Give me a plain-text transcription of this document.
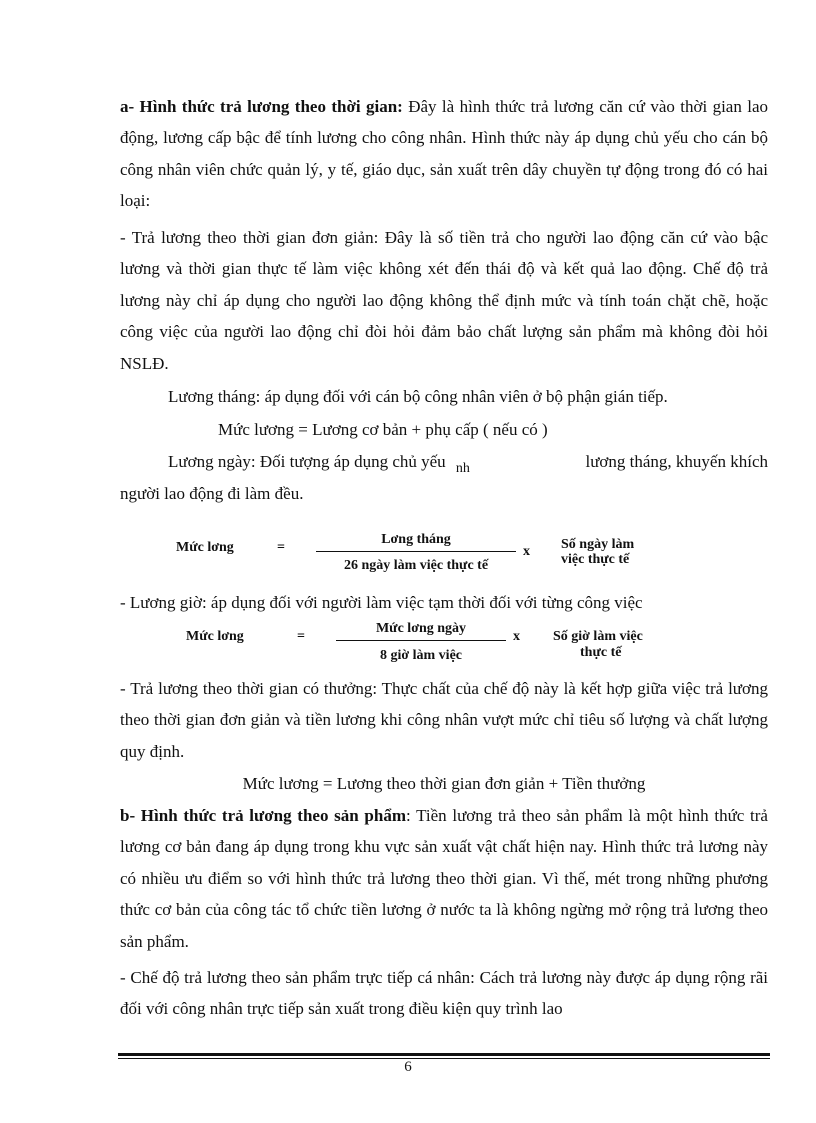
a- Hình thức trả lương theo thời gian: Đây là hình thức trả lương căn cứ vào thời gian lao động, lương cấp bậc để tính lương cho công nhân. Hình thức này áp dụng chủ yếu cho cán bộ công nhân viên chức quản lý, y tế, giáo dục, sản xuất trên dây chuyền tự động trong đó có hai loại:

- Trả lương theo thời gian đơn giản: Đây là số tiền trả cho người lao động căn cứ vào bậc lương và thời gian thực tế làm việc không xét đến thái độ và kết quả lao động. Chế độ trả lương này chỉ áp dụng cho người lao động không thể định mức và tính toán chặt chẽ, hoặc công việc của người lao động chỉ đòi hỏi đảm bảo chất lượng sản phẩm mà không đòi hỏi NSLĐ.

Lương tháng: áp dụng đối với cán bộ công nhân viên ở bộ phận gián tiếp.
Mức lương = Lương cơ bản + phụ cấp ( nếu có )
Lương ngày: Đối tượng áp dụng chủ yếu $_{nh}$	lương tháng, khuyến khích
người lao động đi làm đều.
Mức lơng	=
Lơng tháng
26 ngày làm việc thực tế
x Số ngày làm
việc thực tế
- Lương giờ: áp dụng đối với người làm việc tạm thời đối với từng công việc
Mức lơng	=
Mức lơng ngày
8 giờ làm việc
x Số giờ làm việc
thực tế

- Trả lương theo thời gian có thưởng: Thực chất của chế độ này là kết hợp giữa việc trả lương theo thời gian đơn giản và tiền lương khi công nhân vượt mức chỉ tiêu số lượng và chất lượng quy định.

Mức lương = Lương theo thời gian đơn giản + Tiền thưởng

b- Hình thức trả lương theo sản phẩm: Tiền lương trả theo sản phẩm là một hình thức trả lương cơ bản đang áp dụng trong khu vực sản xuất vật chất hiện nay. Hình thức trả lương này có nhiều ưu điểm so với hình thức trả lương theo thời gian. Vì thế, mét trong những phương thức cơ bản của công tác tổ chức tiền lương ở nước ta là không ngừng mở rộng trả lương theo sản phẩm.

- Chế độ trả lương theo sản phẩm trực tiếp cá nhân: Cách trả lương này được áp dụng rộng rãi đối với công nhân trực tiếp sản xuất trong điều kiện quy trình lao

6
